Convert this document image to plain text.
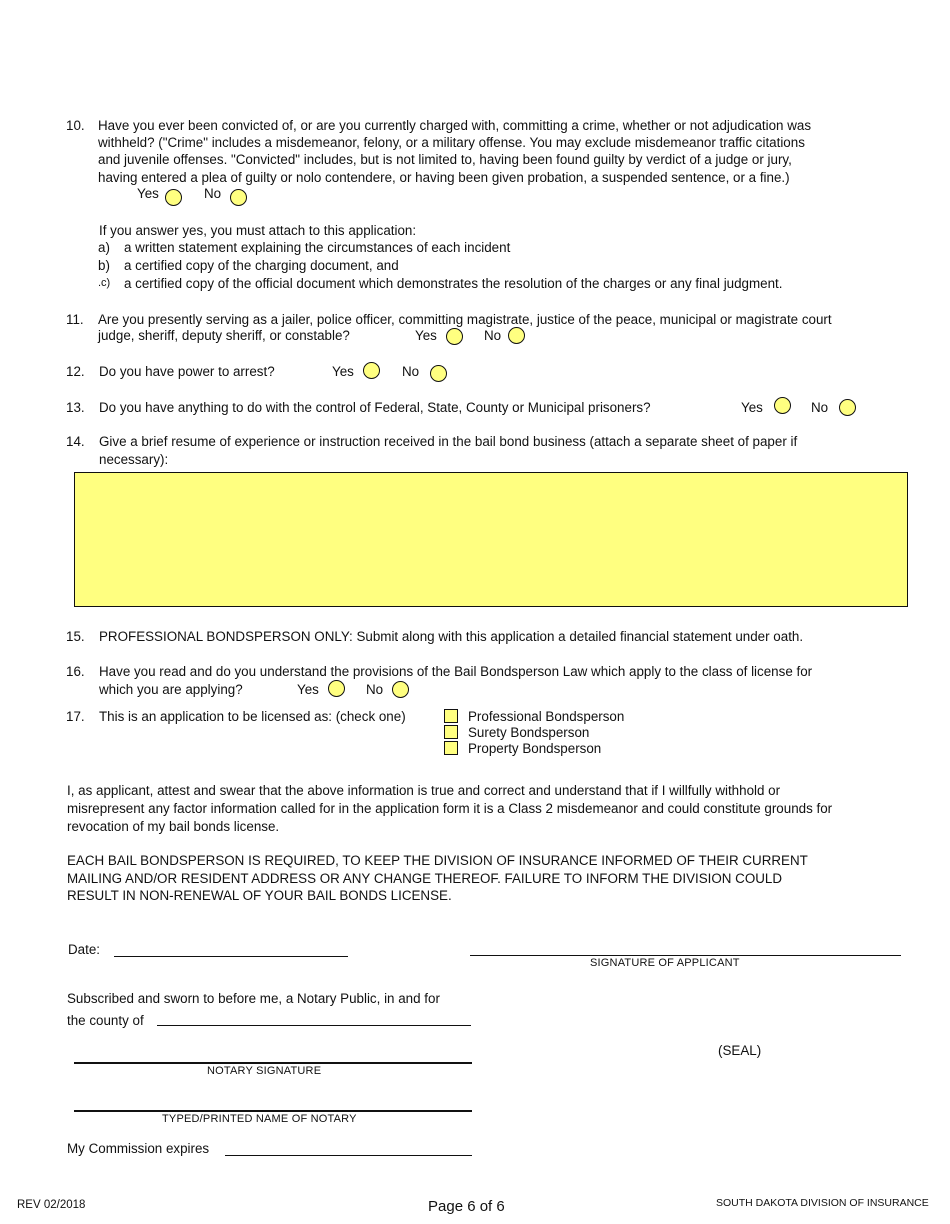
10. Have you ever been convicted of, or are you currently charged with, committing a crime, whether or not adjudication was
withheld? ("Crime" includes a misdemeanor, felony, or a military offense. You may exclude misdemeanor traffic citations
and juvenile offenses. "Convicted" includes, but is not limited to, having been found guilty by verdict of a judge or jury,
having entered a plea of guilty or nolo contendere, or having been given probation, a suspended sentence, or a fine.)
Yes	No
If you answer yes, you must attach to this application:
a) a written statement explaining the circumstances of each incident
b) a certified copy of the charging document, and
.c) a certified copy of the official document which demonstrates the resolution of the charges or any final judgment.
11. Are you presently serving as a jailer, police officer, committing magistrate, justice of the peace, municipal or magistrate court
judge, sheriff, deputy sheriff, or constable?	Yes	No
12. Do you have power to arrest?	Yes	No
13. Do you have anything to do with the control of Federal, State, County or Municipal prisoners?	Yes	No
14. Give a brief resume of experience or instruction received in the bail bond business (attach a separate sheet of paper if
necessary):
15. PROFESSIONAL BONDSPERSON ONLY: Submit along with this application a detailed financial statement under oath.
16. Have you read and do you understand the provisions of the Bail Bondsperson Law which apply to the class of license for
which you are applying?	Yes	No
17. This is an application to be licensed as: (check one)	Professional Bondsperson
Surety Bondsperson
Property Bondsperson
I, as applicant, attest and swear that the above information is true and correct and understand that if I willfully withhold or
misrepresent any factor information called for in the application form it is a Class 2 misdemeanor and could constitute grounds for
revocation of my bail bonds license.
EACH BAIL BONDSPERSON IS REQUIRED, TO KEEP THE DIVISION OF INSURANCE INFORMED OF THEIR CURRENT
MAILING AND/OR RESIDENT ADDRESS OR ANY CHANGE THEREOF. FAILURE TO INFORM THE DIVISION COULD
RESULT IN NON-RENEWAL OF YOUR BAIL BONDS LICENSE.
Date:
SIGNATURE OF APPLICANT
Subscribed and sworn to before me, a Notary Public, in and for
the county of
(SEAL)
NOTARY SIGNATURE
TYPED/PRINTED NAME OF NOTARY
My Commission expires
REV 02/2018	Page 6 of 6	SOUTH DAKOTA DIVISION OF INSURANCE
